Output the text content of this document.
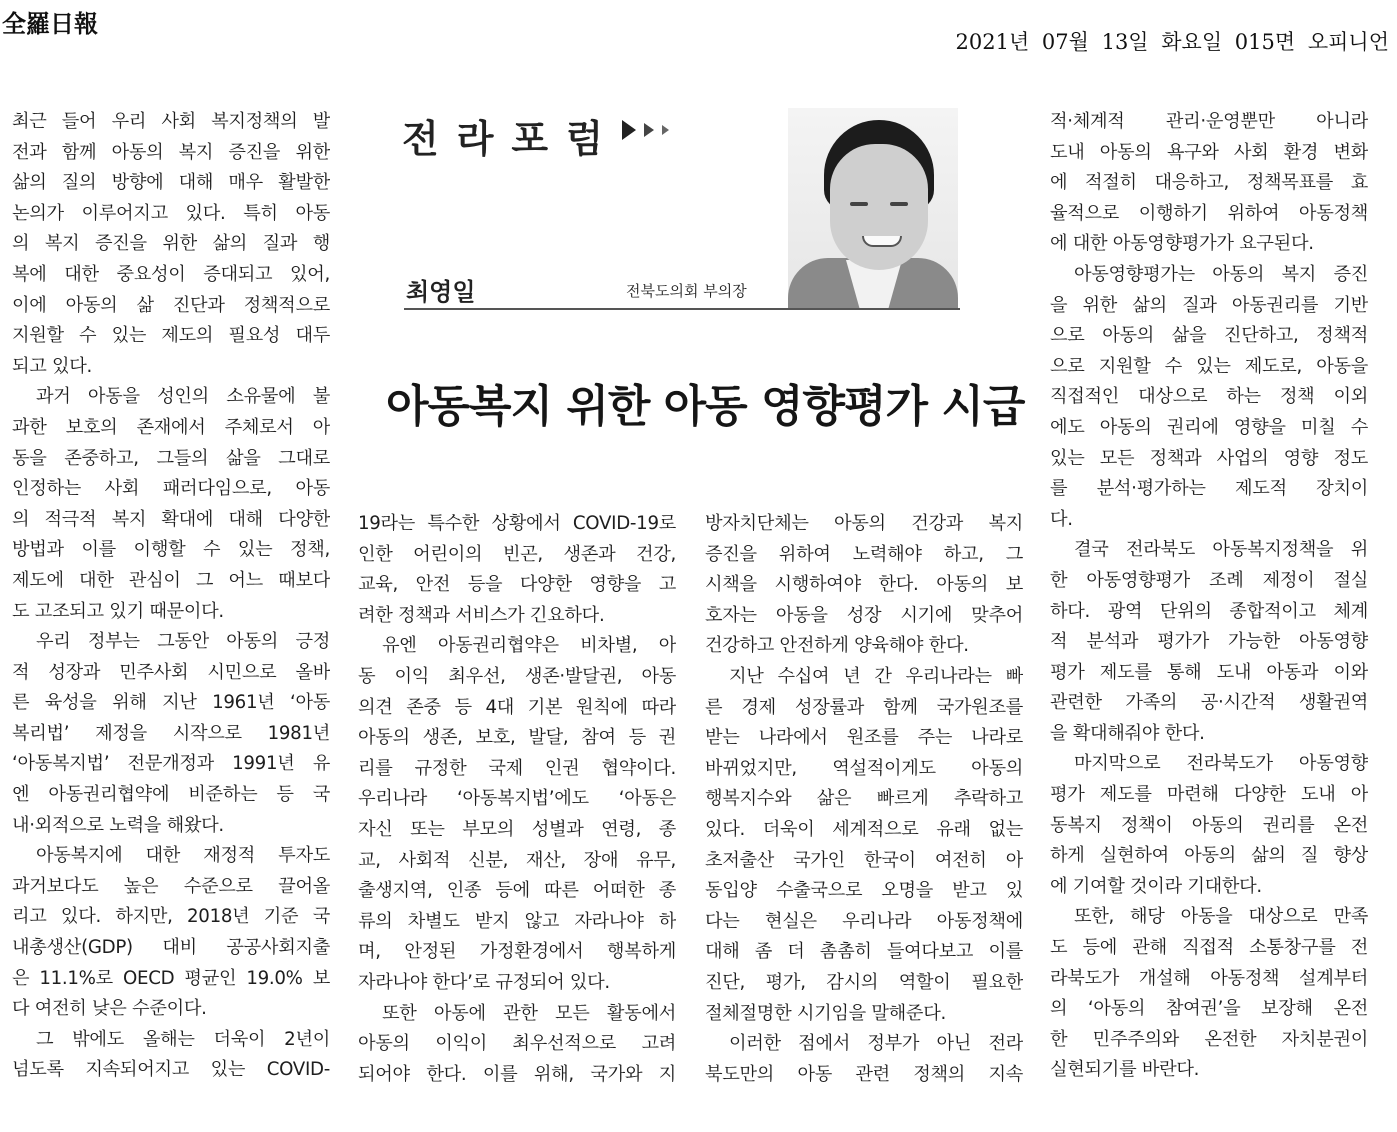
全羅日報
2021년 07월 13일 화요일 015면 오피니언
전라포럼
최영일	전북도의회 부의장
아동복지 위한 아동 영향평가 시급
최근 들어 우리 사회 복지정책의 발
전과 함께 아동의 복지 증진을 위한
삶의 질의 방향에 대해 매우 활발한
논의가 이루어지고 있다. 특히 아동
의 복지 증진을 위한 삶의 질과 행
복에 대한 중요성이 증대되고 있어,
이에 아동의 삶 진단과 정책적으로
지원할 수 있는 제도의 필요성 대두
되고 있다.
과거 아동을 성인의 소유물에 불
과한 보호의 존재에서 주체로서 아
동을 존중하고, 그들의 삶을 그대로
인정하는 사회 패러다임으로, 아동
의 적극적 복지 확대에 대해 다양한
방법과 이를 이행할 수 있는 정책,
제도에 대한 관심이 그 어느 때보다
도 고조되고 있기 때문이다.
우리 정부는 그동안 아동의 긍정
적 성장과 민주사회 시민으로 올바
른 육성을 위해 지난 1961년 ‘아동
복리법’ 제정을 시작으로 1981년
‘아동복지법’ 전문개정과 1991년 유
엔 아동권리협약에 비준하는 등 국
내·외적으로 노력을 해왔다.
아동복지에 대한 재정적 투자도
과거보다도 높은 수준으로 끌어올
리고 있다. 하지만, 2018년 기준 국
내총생산(GDP) 대비 공공사회지출
은 11.1%로 OECD 평균인 19.0% 보
다 여전히 낮은 수준이다.
그 밖에도 올해는 더욱이 2년이
넘도록 지속되어지고 있는 COVID-
19라는 특수한 상황에서 COVID-19로
인한 어린이의 빈곤, 생존과 건강,
교육, 안전 등을 다양한 영향을 고
려한 정책과 서비스가 긴요하다.
유엔 아동권리협약은 비차별, 아
동 이익 최우선, 생존·발달권, 아동
의견 존중 등 4대 기본 원칙에 따라
아동의 생존, 보호, 발달, 참여 등 권
리를 규정한 국제 인권 협약이다.
우리나라 ‘아동복지법’에도 ‘아동은
자신 또는 부모의 성별과 연령, 종
교, 사회적 신분, 재산, 장애 유무,
출생지역, 인종 등에 따른 어떠한 종
류의 차별도 받지 않고 자라나야 하
며, 안정된 가정환경에서 행복하게
자라나야 한다’로 규정되어 있다.
또한 아동에 관한 모든 활동에서
아동의 이익이 최우선적으로 고려
되어야 한다. 이를 위해, 국가와 지
방자치단체는 아동의 건강과 복지
증진을 위하여 노력해야 하고, 그
시책을 시행하여야 한다. 아동의 보
호자는 아동을 성장 시기에 맞추어
건강하고 안전하게 양육해야 한다.
지난 수십여 년 간 우리나라는 빠
른 경제 성장률과 함께 국가원조를
받는 나라에서 원조를 주는 나라로
바뀌었지만, 역설적이게도 아동의
행복지수와 삶은 빠르게 추락하고
있다. 더욱이 세계적으로 유래 없는
초저출산 국가인 한국이 여전히 아
동입양 수출국으로 오명을 받고 있
다는 현실은 우리나라 아동정책에
대해 좀 더 촘촘히 들여다보고 이를
진단, 평가, 감시의 역할이 필요한
절체절명한 시기임을 말해준다.
이러한 점에서 정부가 아닌 전라
북도만의 아동 관련 정책의 지속
적·체계적 관리·운영뿐만 아니라
도내 아동의 욕구와 사회 환경 변화
에 적절히 대응하고, 정책목표를 효
율적으로 이행하기 위하여 아동정책
에 대한 아동영향평가가 요구된다.
아동영향평가는 아동의 복지 증진
을 위한 삶의 질과 아동권리를 기반
으로 아동의 삶을 진단하고, 정책적
으로 지원할 수 있는 제도로, 아동을
직접적인 대상으로 하는 정책 이외
에도 아동의 권리에 영향을 미칠 수
있는 모든 정책과 사업의 영향 정도
를 분석·평가하는 제도적 장치이
다.
결국 전라북도 아동복지정책을 위
한 아동영향평가 조례 제정이 절실
하다. 광역 단위의 종합적이고 체계
적 분석과 평가가 가능한 아동영향
평가 제도를 통해 도내 아동과 이와
관련한 가족의 공·시간적 생활권역
을 확대해줘야 한다.
마지막으로 전라북도가 아동영향
평가 제도를 마련해 다양한 도내 아
동복지 정책이 아동의 권리를 온전
하게 실현하여 아동의 삶의 질 향상
에 기여할 것이라 기대한다.
또한, 해당 아동을 대상으로 만족
도 등에 관해 직접적 소통창구를 전
라북도가 개설해 아동정책 설계부터
의 ‘아동의 참여권’을 보장해 온전
한 민주주의와 온전한 자치분권이
실현되기를 바란다.
